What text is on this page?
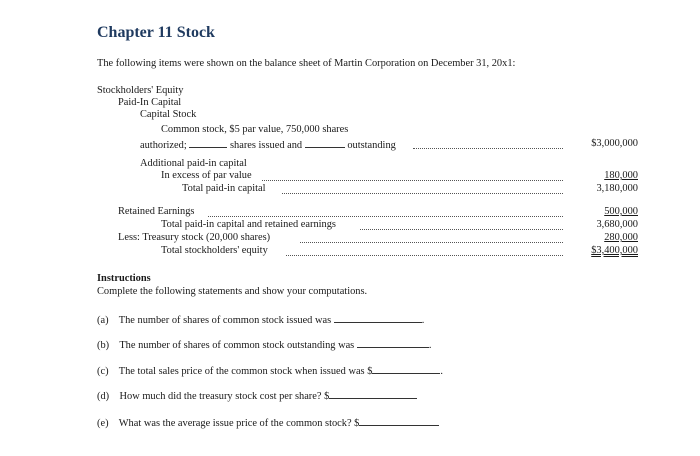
Chapter 11 Stock
The following items were shown on the balance sheet of Martin Corporation on December 31, 20x1:
Stockholders' Equity
Paid-In Capital
Capital Stock
Common stock, $5 par value, 750,000 shares
authorized;	shares issued and	outstanding	$3,000,000
Additional paid-in capital
In excess of par value	180,000
Total paid-in capital	3,180,000
Retained Earnings	500,000
Total paid-in capital and retained earnings	3,680,000
Less: Treasury stock (20,000 shares)	280,000
Total stockholders' equity	$3,400,000
Instructions
Complete the following statements and show your computations.
(a) The number of shares of common stock issued was	.
(b) The number of shares of common stock outstanding was	.
(c) The total sales price of the common stock when issued was $	.
(d) How much did the treasury stock cost per share? $
(e) What was the average issue price of the common stock? $
